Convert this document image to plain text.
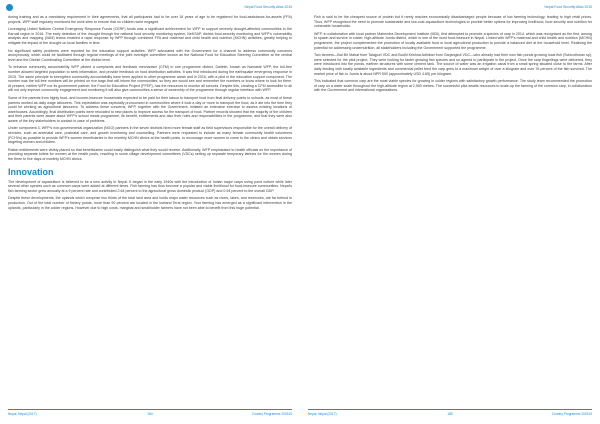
Nepal Food Security Atlas 2015

during training and as a mandatory requirement in their agreements, that all participants had to be over 18 years of age to be registered for food-assistance-for-assets (FFA) projects. WFP staff regularly monitored the work sites to ensure that no children were engaged.

Leveraging United Nations Central Emergency Response Funds (CERF) funds was a significant achievement for WFP to support severely drought-affected communities in the Karnali region in 2016. The early detection of the drought through the national food security monitoring system, NeKSAP, district food-security monitoring and WFP's vulnerability analysis and mapping (VAM) teams enabled a rapid response by WFP through combined FFA and maternal and child health and nutrition (MCHN) activities, greatly helping to mitigate the impact of the drought on local families in time.

No significant safety problems were reported for the education support activities. WFP advocated with the Government for a channel to address community concerns anonymously, which could be facilitated through regular meetings of the joint oversight committee known as the National Food for Education Steering Committee at the central level and the District Coordinating Committee at the district level.

To enhance community accountability WFP piloted a complaints and feedback mechanism (CFM) in one programme district, Dailekh, known as Namaste WFP, the toll-free number allowed targeted population to seek information, and provide feedback on food distribution activities. It was first introduced during the earthquake emergency response in 2015. The same principle to strengthen community accountability have been applied to other programme areas and in 2016, with a pilot in the education support component. The number was the toll-free numbers will be printed on rice bags that will inform the communities, so they are would see and remember the numbers or know where to look for them. At present, neither WFP nor its government partner, the Food for Education Project (FFEP), has the resources to monitor all schools. Despite this, creating a CFM accessible to all will not only improve community engagement and monitoring it will also give communities a sense of ownership of the programme through regular interface with WFP.

Some of the parents from highly food- and income-insecure households expected to be paid for their labour to transport food from final delivery points to schools, as most of these parents worked as daily wage labourers. This expectation was especially pronounced in communities where it took a day or more to transport the food, as it ate into the time they could be working as agricultural labourers. To address these concerns, WFP, together with the Government, initiated an extensive exercise to assess existing locations of warehouses. Accordingly, final distribution points were relocated to new places to improve access for the transport of food. Partner records showed that the majority of the children and their parents were aware about WFP's school meals programme, its benefit, entitlements and also their roles and responsibilities in the programme, and that they were also aware of the key stakeholders to contact in case of problems.

Under component 3, WFP's non-governmental organization (NGO) partners in the seven districts hired more female staff as field supervisors responsible for the overall delivery of services, such as antenatal care, postnatal care, and growth monitoring and counselling. Partners were requested to include as many female community health volunteers (FCHVs) as possible to provide WFP's women beneficiaries in the monthly MCHN clinics at the health posts, to encourage more women to come to the clinics and obtain services targeting women and children.

Ration entitlements were visibly placed so that beneficiaries could easily distinguish what they would receive. Additionally, WFP emphasised to health officials on the importance of providing separate toilets for women at the health posts, resulting in some village development committees (VDCs) setting up separate temporary latrines for the women during the three to five days of monthly MCHN clinics.

Innovation

The development of aquaculture is believed to be a new activity in Nepal. It began in the early 1940s with the introduction of Indian major carps using pond culture while later several other species such as common carps were added at different times. Fish farming has thus become a popular and viable livelihood for food-insecure communities. Nepal's fish farming sector grew annually at a 9 percent rate and contributed 2.64 percent to the agricultural gross domestic product (GDP) and 0.94 percent to the overall GDP.

Despite these developments, the uplands which comprise two thirds of the total land area and holds major water resources such as rivers, lakes, and reservoirs, are far behind in production. Out of the total number of fishery ponds, more than 90 percent are located in the lowland Terai region. Your farming has emerged as a significant intervention in the uplands, particularly in the colder regions. However due to high costs, marginal and smallholder farmers have not been able to benefit from this huge potential.

Nepal, Nepal (2017)	184	Country Programme 200319
Nepal Food Security Atlas 2015

Fish is said to be the cheapest source of protein but it rarely reaches economically disadvantaged people because of low farming technology, leading to high retail prices. Thus, WFP recognised the need to promote sustainable and low-cost aquaculture technologies to provide better options for improving livelihood, food security and nutrition for vulnerable households.

WFP, in collaboration with local partner Mahendra Development Institute (MDI), first attempted to promote a species of carp in 2014, which was recognised as the first, among to spawn and survive in colder, high-altitude Jumla district, which is one of the most food-insecure in Nepal. Linked with WFP's maternal and child health and nutrition (MCHN) programme, the project complemented the promotion of locally available food or local agricultural production to provide a balanced diet at the household level. Realising the potential for addressing undernutrition, all stakeholders including the Government supported the programme.

Two farmers—Bal Bir Mahat from Talajpuri VDC and Budhi Krishna Adhikari from Garjangkot VDC—who already had their own fish ponds growing local fish (Schizothorax sp), were selected for the pilot project. They were looking for faster growing fish species and so agreed to participate in the project. Once the carp fingerlings were delivered, they were introduced into the ponds, earthen structures with some cement tank. The source of water was an irrigation canal from a small spring situated close to the farms. After daily feeding with locally available ingredients and commercial pellet feed the carp grew to a maximum weight of over a kilogram and over 76 percent of the fish survived. The market price of fish in Jumla is about NPR 500 (approximately USD 4.65) per kilogram.

This indicated that common carp are the most viable species for growing in colder regions with satisfactory growth performance. The study team recommended the promotion of carp on a wider scale throughout the high-altitude region at 2,550 metres. The successful pilot awaits resources to scale-up the farming of the common carp, in collaboration with the Government and international organizations.

Nepal, Nepal (2017)	185	Country Programme 200319
